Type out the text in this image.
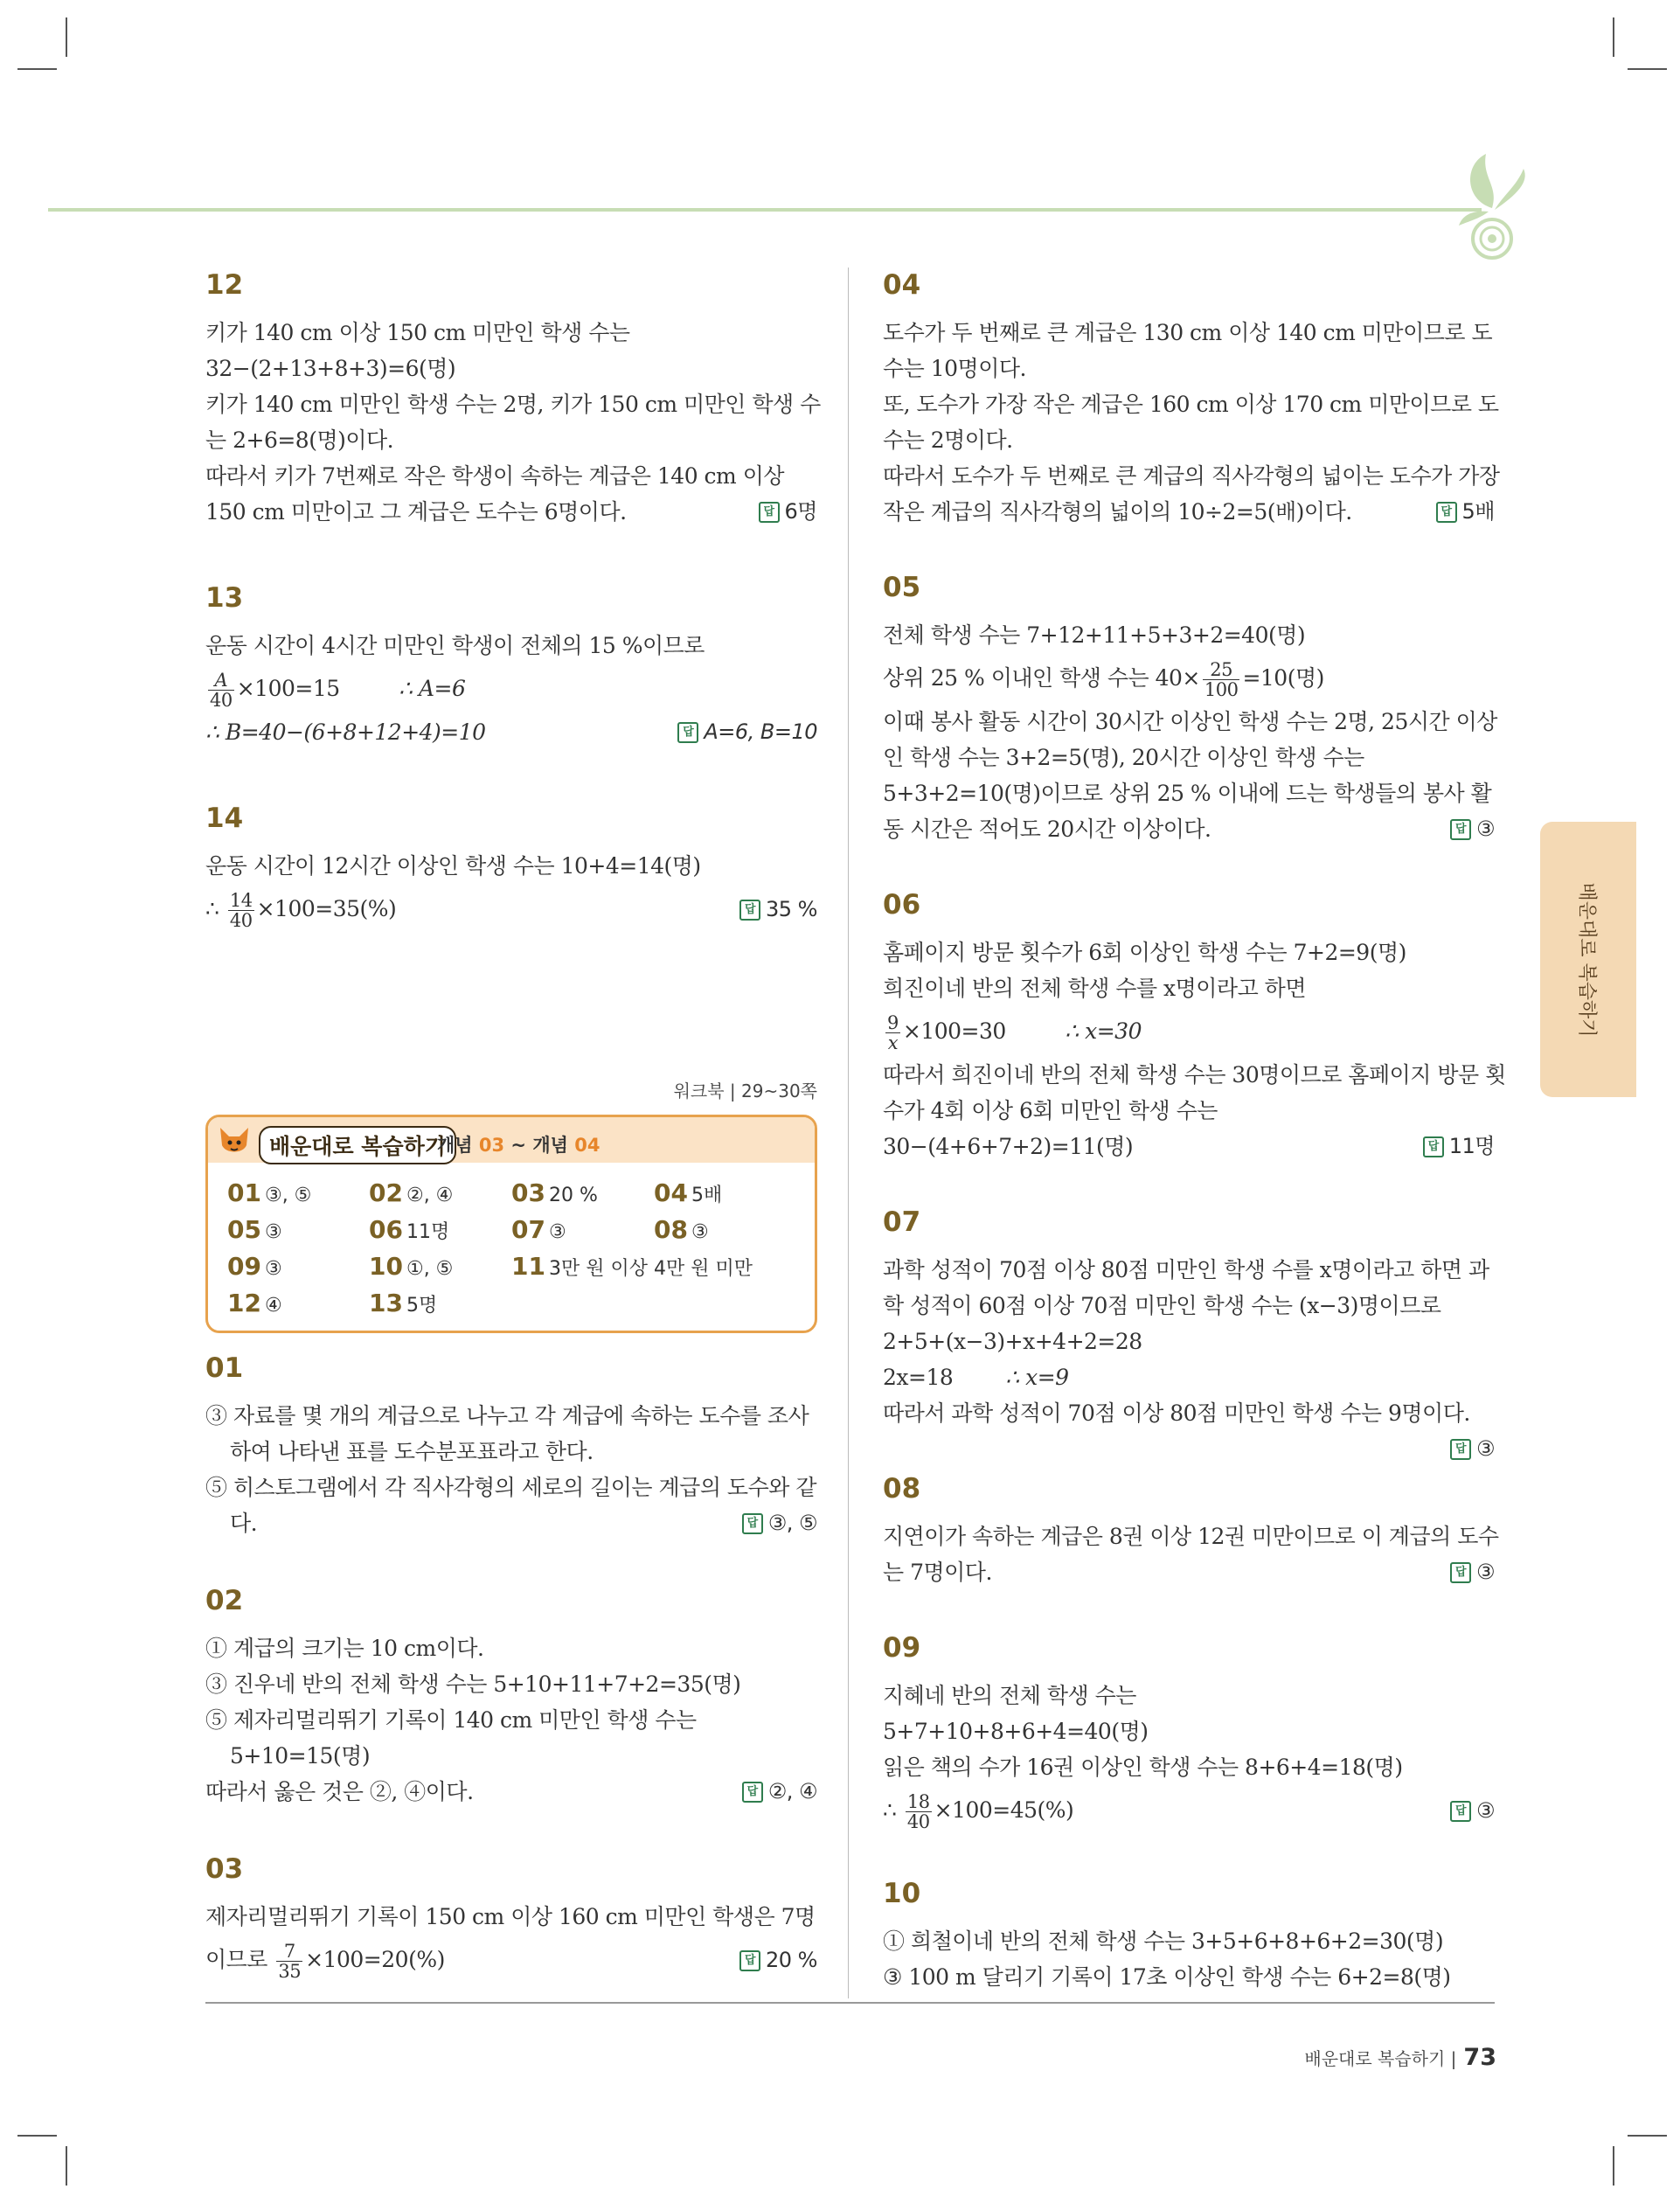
12
키가 140 cm 이상 150 cm 미만인 학생 수는
32−(2+13+8+3)=6(명)
키가 140 cm 미만인 학생 수는 2명, 키가 150 cm 미만인 학생 수
는 2+6=8(명)이다.
따라서 키가 7번째로 작은 학생이 속하는 계급은 140 cm 이상
150 cm 미만이고 그 계급은 도수는 6명이다.	답 6명
13
운동 시간이 4시간 미만인 학생이 전체의 15 %이므로
$\frac{A}{40} \times 100=15$	∴ A=6
∴ B=40−(6+8+12+4)=10	답 A=6, B=10
14
운동 시간이 12시간 이상인 학생 수는 10+4=14(명)
∴ $\frac{14}{40} \times 100=35(\%)$	답 35 %
워크북 | 29~30쪽
배운대로 복습하기
개념 03 ~ 개념 04
01 ③, ⑤ 02 ②, ④ 03 20 % 04 5배
05 ③	06 11명	07 ③	08 ③
09 ③	10 ①, ⑤ 11 3만 원 이상 4만 원 미만
12 ④	13 5명
01
③ 자료를 몇 개의 계급으로 나누고 각 계급에 속하는 도수를 조사
하여 나타낸 표를 도수분포표라고 한다.
⑤ 히스토그램에서 각 직사각형의 세로의 길이는 계급의 도수와 같
다.	답 ③, ⑤
02
① 계급의 크기는 10 cm이다.
③ 진우네 반의 전체 학생 수는 5+10+11+7+2=35(명)
⑤ 제자리멀리뛰기 기록이 140 cm 미만인 학생 수는
5+10=15(명)
따라서 옳은 것은 ②, ④이다.	답 ②, ④
03
제자리멀리뛰기 기록이 150 cm 이상 160 cm 미만인 학생은 7명
이므로 $\frac{7}{35} \times 100=20(\%)$	답 20 %
04
도수가 두 번째로 큰 계급은 130 cm 이상 140 cm 미만이므로 도
수는 10명이다.
또, 도수가 가장 작은 계급은 160 cm 이상 170 cm 미만이므로 도
수는 2명이다.
따라서 도수가 두 번째로 큰 계급의 직사각형의 넓이는 도수가 가장
작은 계급의 직사각형의 넓이의 10÷2=5(배)이다.	답 5배
05
전체 학생 수는 7+12+11+5+3+2=40(명)
상위 25 % 이내인 학생 수는 $40\times \frac{25}{100} =10$(명)
이때 봉사 활동 시간이 30시간 이상인 학생 수는 2명, 25시간 이상
인 학생 수는 3+2=5(명), 20시간 이상인 학생 수는
5+3+2=10(명)이므로 상위 25 % 이내에 드는 학생들의 봉사 활
동 시간은 적어도 20시간 이상이다.	답 ③
06
홈페이지 방문 횟수가 6회 이상인 학생 수는 7+2=9(명)
희진이네 반의 전체 학생 수를 x명이라고 하면
$\frac{9}{x} \times 100=30$	∴ x=30
따라서 희진이네 반의 전체 학생 수는 30명이므로 홈페이지 방문 횟
수가 4회 이상 6회 미만인 학생 수는
30−(4+6+7+2)=11(명)	답 11명
07
과학 성적이 70점 이상 80점 미만인 학생 수를 x명이라고 하면 과
학 성적이 60점 이상 70점 미만인 학생 수는 (x−3)명이므로
2+5+(x−3)+x+4+2=28
2x=18 ∴ x=9
따라서 과학 성적이 70점 이상 80점 미만인 학생 수는 9명이다.
답 ③
08
지연이가 속하는 계급은 8권 이상 12권 미만이므로 이 계급의 도수
는 7명이다.	답 ③
09
지혜네 반의 전체 학생 수는
5+7+10+8+6+4=40(명)
읽은 책의 수가 16권 이상인 학생 수는 8+6+4=18(명)
∴ $\frac{18}{40} \times 100=45(\%)$	답 ③
10
① 희철이네 반의 전체 학생 수는 3+5+6+8+6+2=30(명)
③ 100 m 달리기 기록이 17초 이상인 학생 수는 6+2=8(명)
배운대로 복습하기
배운대로 복습하기 | 73
